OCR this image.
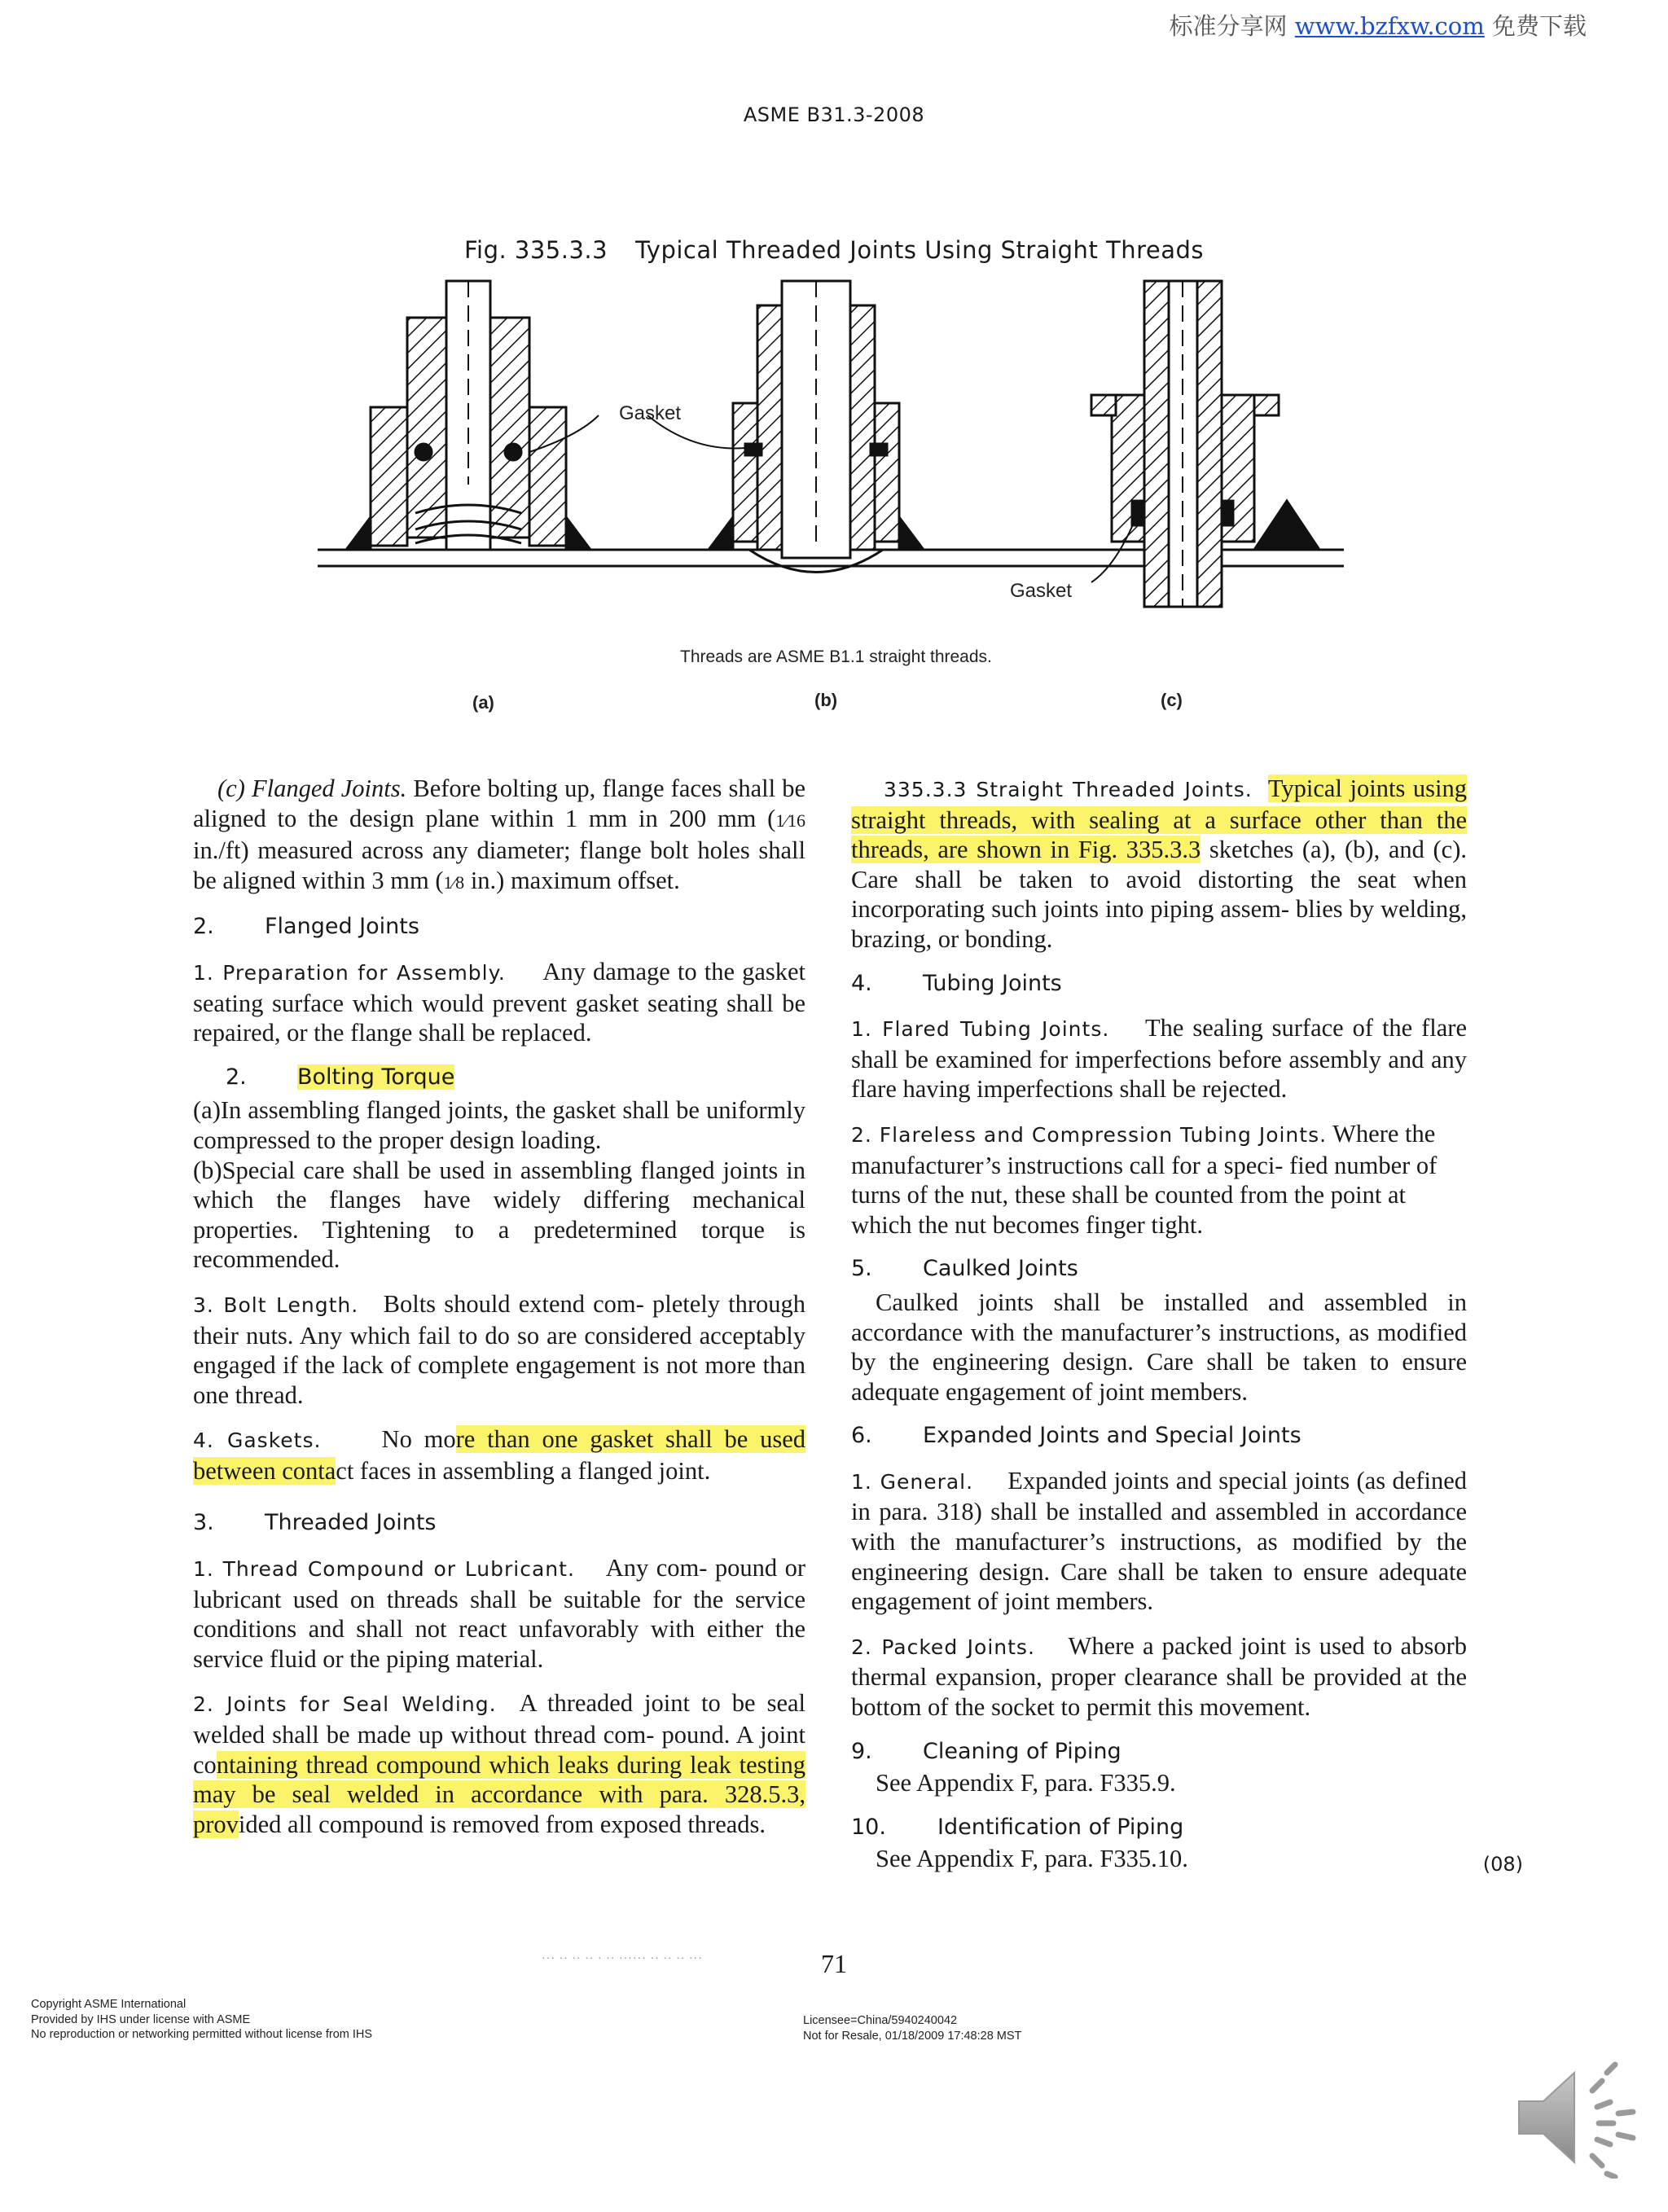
标准分享网 www.bzfxw.com 免费下载
ASME B31.3-2008
Fig. 335.3.3 Typical Threaded Joints Using Straight Threads
Gasket
Gasket
Threads are ASME B1.1 straight threads.
(a)	(b)	(c)

(c) Flanged Joints. Before bolting up, flange faces shall be aligned to the design plane within 1 mm in 200 mm (1⁄16 in./ft) measured across any diameter; flange bolt holes shall be aligned within 3 mm (1⁄8 in.) maximum offset.

2. Flanged Joints

1. Preparation for Assembly. Any damage to the gasket seating surface which would prevent gasket seating shall be repaired, or the flange shall be replaced.

2. Bolting Torque

(a)In assembling flanged joints, the gasket shall be uniformly compressed to the proper design loading.

(b)Special care shall be used in assembling flanged joints in which the flanges have widely differing mechanical properties. Tightening to a predetermined torque is recommended.

3. Bolt Length. Bolts should extend com- pletely through their nuts. Any which fail to do so are considered acceptably engaged if the lack of complete engagement is not more than one thread.

4. Gaskets. No more than one gasket shall be used between contact faces in assembling a flanged joint.

3. Threaded Joints

1. Thread Compound or Lubricant. Any com- pound or lubricant used on threads shall be suitable for the service conditions and shall not react unfavorably with either the service fluid or the piping material.

2. Joints for Seal Welding. A threaded joint to be seal welded shall be made up without thread com- pound. A joint containing thread compound which leaks during leak testing may be seal welded in accordance with para. 328.5.3, provided all compound is removed from exposed threads.

335.3.3 Straight Threaded Joints. Typical joints using straight threads, with sealing at a surface other than the threads, are shown in Fig. 335.3.3 sketches (a), (b), and (c). Care shall be taken to avoid distorting the seat when incorporating such joints into piping assem- blies by welding, brazing, or bonding.

4. Tubing Joints

1. Flared Tubing Joints. The sealing surface of the flare shall be examined for imperfections before assembly and any flare having imperfections shall be rejected.

2. Flareless and Compression Tubing Joints. Where the manufacturer’s instructions call for a speci- fied number of turns of the nut, these shall be counted from the point at which the nut becomes finger tight.

5. Caulked Joints

Caulked joints shall be installed and assembled in accordance with the manufacturer’s instructions, as modified by the engineering design. Care shall be taken to ensure adequate engagement of joint members.

6. Expanded Joints and Special Joints

1. General. Expanded joints and special joints (as defined in para. 318) shall be installed and assembled in accordance with the manufacturer’s instructions, as modified by the engineering design. Care shall be taken to ensure adequate engagement of joint members.

2. Packed Joints. Where a packed joint is used to absorb thermal expansion, proper clearance shall be provided at the bottom of the socket to permit this movement.

9. Cleaning of Piping

See Appendix F, para. F335.9.

10. Identification of Piping

See Appendix F, para. F335.10.	(08)
··· ·· ·· ·· · ·· ······ ·· ·· ·· ···	71
Copyright ASME International
Provided by IHS under license with ASME
No reproduction or networking permitted without license from IHS
Licensee=China/5940240042
Not for Resale, 01/18/2009 17:48:28 MST
